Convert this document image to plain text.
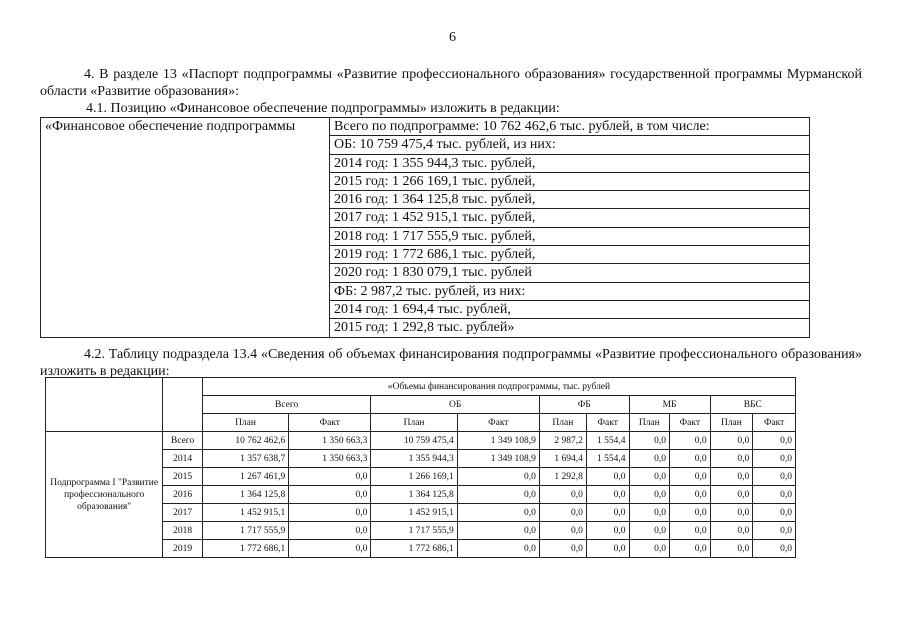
6
4. В разделе 13 «Паспорт подпрограммы «Развитие профессионального образования» государственной программы Мурманской области «Развитие образования»:
4.1. Позицию «Финансовое обеспечение подпрограммы» изложить в редакции:
«Финансовое обеспечение подпрограммы	Всего по подпрограмме: 10 762 462,6 тыс. рублей, в том числе:
ОБ: 10 759 475,4 тыс. рублей, из них:
2014 год: 1 355 944,3 тыс. рублей,
2015 год: 1 266 169,1 тыс. рублей,
2016 год: 1 364 125,8 тыс. рублей,
2017 год: 1 452 915,1 тыс. рублей,
2018 год: 1 717 555,9 тыс. рублей,
2019 год: 1 772 686,1 тыс. рублей,
2020 год: 1 830 079,1 тыс. рублей
ФБ: 2 987,2 тыс. рублей, из них:
2014 год: 1 694,4 тыс. рублей,
2015 год: 1 292,8 тыс. рублей»
4.2. Таблицу подраздела 13.4 «Сведения об объемах финансирования подпрограммы «Развитие профессионального образования» изложить в редакции:
		«Объемы финансирования подпрограммы, тыс. рублей									
		Всего		ОБ		ФБ		МБ		ВБС	
		План	Факт	План	Факт	План	Факт	План	Факт	План	Факт
Подпрограмма I "Развитие профессионального образования"	Всего	10 762 462,6	1 350 663,3	10 759 475,4	1 349 108,9	2 987,2	1 554,4	0,0	0,0	0,0	0,0
	2014	1 357 638,7	1 350 663,3	1 355 944,3	1 349 108,9	1 694,4	1 554,4	0,0	0,0	0,0	0,0
	2015	1 267 461,9	0,0	1 266 169,1	0,0	1 292,8	0,0	0,0	0,0	0,0	0,0
	2016	1 364 125,8	0,0	1 364 125,8	0,0	0,0	0,0	0,0	0,0	0,0	0,0
	2017	1 452 915,1	0,0	1 452 915,1	0,0	0,0	0,0	0,0	0,0	0,0	0,0
	2018	1 717 555,9	0,0	1 717 555,9	0,0	0,0	0,0	0,0	0,0	0,0	0,0
	2019	1 772 686,1	0,0	1 772 686,1	0,0	0,0	0,0	0,0	0,0	0,0	0,0
